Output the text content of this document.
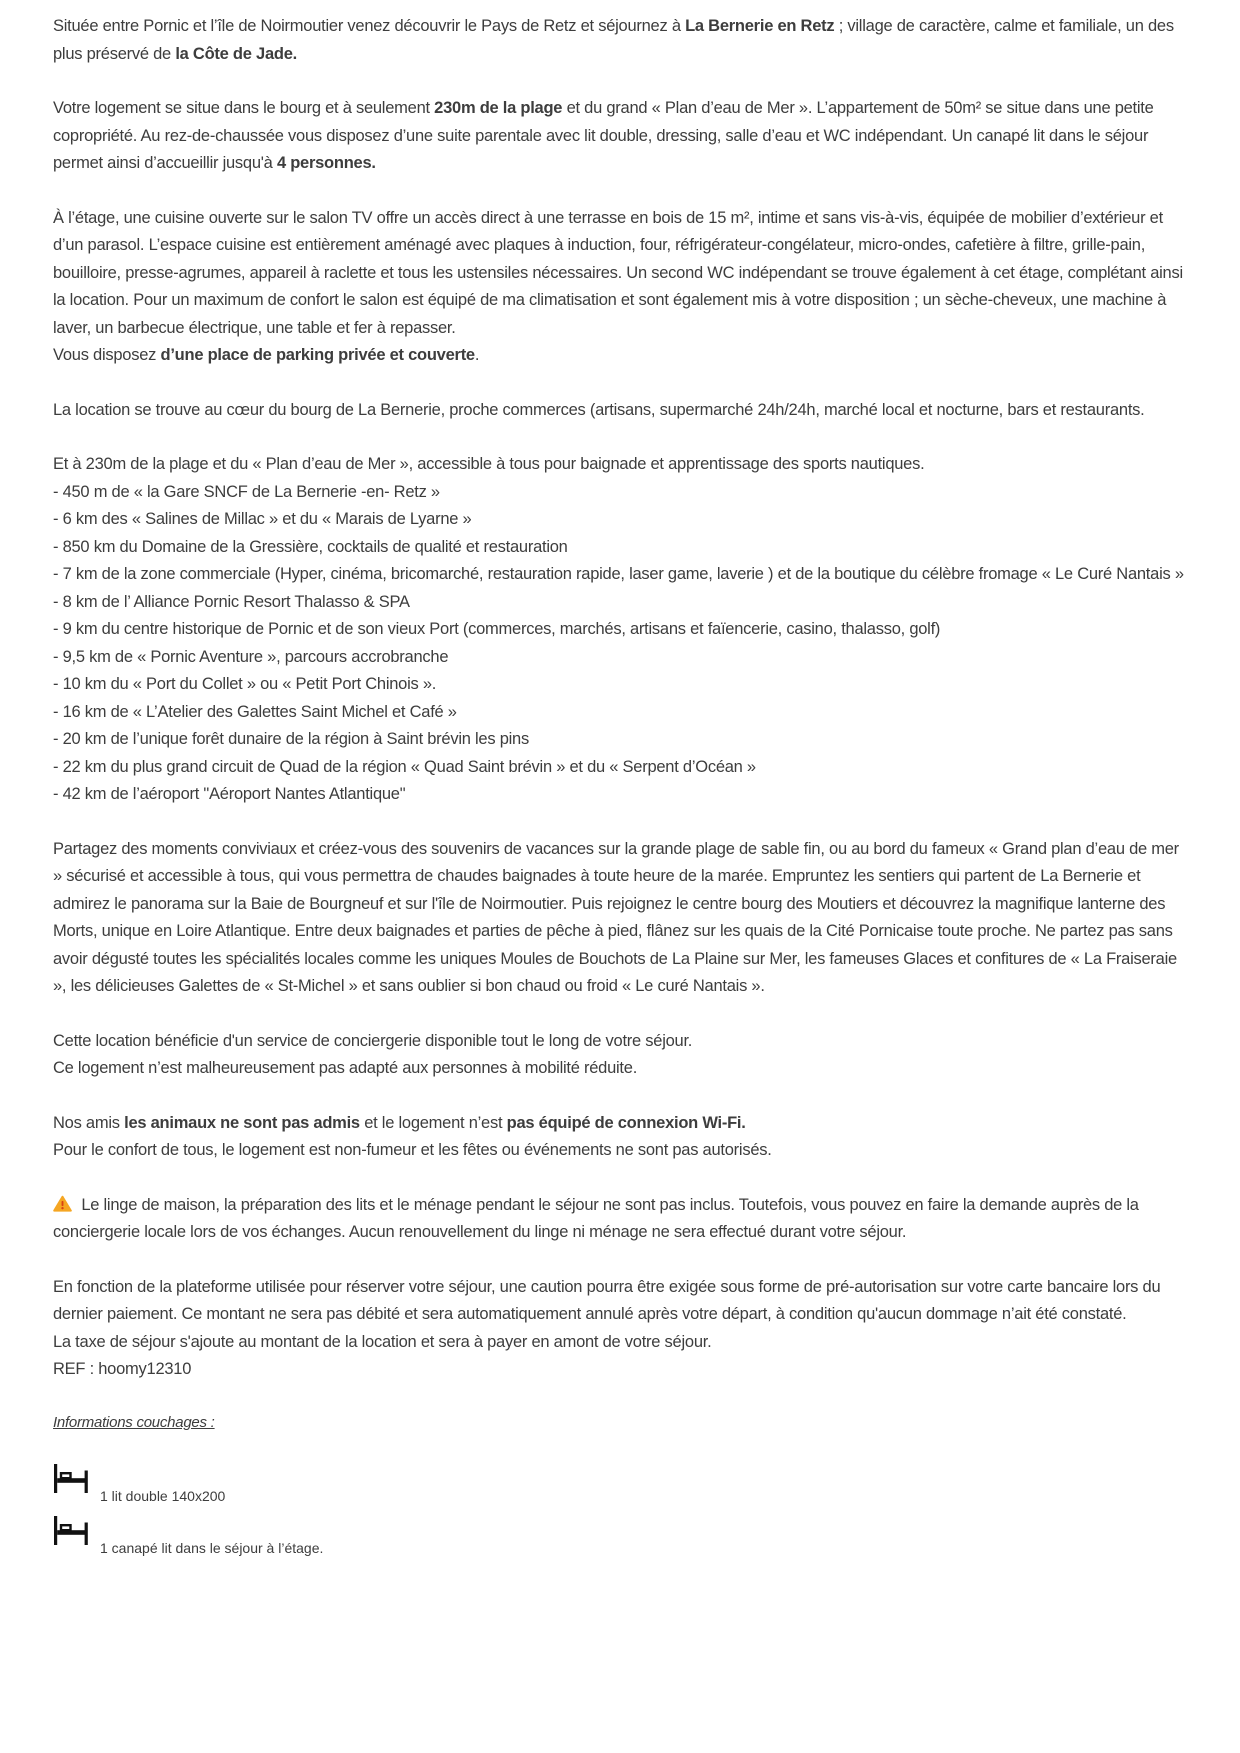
Située entre Pornic et l’île de Noirmoutier venez découvrir le Pays de Retz et séjournez à La Bernerie en Retz ; village de caractère, calme et familiale, un des plus préservé de la Côte de Jade.

Votre logement se situe dans le bourg et à seulement 230m de la plage et du grand « Plan d’eau de Mer ». L’appartement de 50m² se situe dans une petite copropriété. Au rez-de-chaussée vous disposez d’une suite parentale avec lit double, dressing, salle d’eau et WC indépendant. Un canapé lit dans le séjour permet ainsi d’accueillir jusqu'à 4 personnes.

À l’étage, une cuisine ouverte sur le salon TV offre un accès direct à une terrasse en bois de 15 m², intime et sans vis-à-vis, équipée de mobilier d’extérieur et d’un parasol. L’espace cuisine est entièrement aménagé avec plaques à induction, four, réfrigérateur-congélateur, micro-ondes, cafetière à filtre, grille-pain, bouilloire, presse-agrumes, appareil à raclette et tous les ustensiles nécessaires. Un second WC indépendant se trouve également à cet étage, complétant ainsi la location. Pour un maximum de confort le salon est équipé de ma climatisation et sont également mis à votre disposition ; un sèche-cheveux, une machine à laver, un barbecue électrique, une table et fer à repasser.
Vous disposez d’une place de parking privée et couverte.

La location se trouve au cœur du bourg de La Bernerie, proche commerces (artisans, supermarché 24h/24h, marché local et nocturne, bars et restaurants.

Et à 230m de la plage et du « Plan d’eau de Mer », accessible à tous pour baignade et apprentissage des sports nautiques.
- 450 m de « la Gare SNCF de La Bernerie -en- Retz »
- 6 km des « Salines de Millac » et du « Marais de Lyarne »
- 850 km du Domaine de la Gressière, cocktails de qualité et restauration
- 7 km de la zone commerciale (Hyper, cinéma, bricomarché, restauration rapide, laser game, laverie ) et de la boutique du célèbre fromage « Le Curé Nantais »
- 8 km de l’ Alliance Pornic Resort Thalasso & SPA
- 9 km du centre historique de Pornic et de son vieux Port (commerces, marchés, artisans et faïencerie, casino, thalasso, golf)
- 9,5 km de « Pornic Aventure », parcours accrobranche
- 10 km du « Port du Collet » ou « Petit Port Chinois ».
- 16 km de « L’Atelier des Galettes Saint Michel et Café »
- 20 km de l’unique forêt dunaire de la région à Saint brévin les pins
- 22 km du plus grand circuit de Quad de la région « Quad Saint brévin » et du « Serpent d’Océan »
- 42 km de l’aéroport "Aéroport Nantes Atlantique"

Partagez des moments conviviaux et créez-vous des souvenirs de vacances sur la grande plage de sable fin, ou au bord du fameux « Grand plan d’eau de mer » sécurisé et accessible à tous, qui vous permettra de chaudes baignades à toute heure de la marée. Empruntez les sentiers qui partent de La Bernerie et admirez le panorama sur la Baie de Bourgneuf et sur l'île de Noirmoutier. Puis rejoignez le centre bourg des Moutiers et découvrez la magnifique lanterne des Morts, unique en Loire Atlantique. Entre deux baignades et parties de pêche à pied, flânez sur les quais de la Cité Pornicaise toute proche. Ne partez pas sans avoir dégusté toutes les spécialités locales comme les uniques Moules de Bouchots de La Plaine sur Mer, les fameuses Glaces et confitures de « La Fraiseraie », les délicieuses Galettes de « St-Michel » et sans oublier si bon chaud ou froid « Le curé Nantais ».

Cette location bénéficie d'un service de conciergerie disponible tout le long de votre séjour.
Ce logement n’est malheureusement pas adapté aux personnes à mobilité réduite.

Nos amis les animaux ne sont pas admis et le logement n’est pas équipé de connexion Wi-Fi.
Pour le confort de tous, le logement est non-fumeur et les fêtes ou événements ne sont pas autorisés.

Le linge de maison, la préparation des lits et le ménage pendant le séjour ne sont pas inclus. Toutefois, vous pouvez en faire la demande auprès de la conciergerie locale lors de vos échanges. Aucun renouvellement du linge ni ménage ne sera effectué durant votre séjour.

En fonction de la plateforme utilisée pour réserver votre séjour, une caution pourra être exigée sous forme de pré-autorisation sur votre carte bancaire lors du dernier paiement. Ce montant ne sera pas débité et sera automatiquement annulé après votre départ, à condition qu'aucun dommage n’ait été constaté.
La taxe de séjour s'ajoute au montant de la location et sera à payer en amont de votre séjour.
REF : hoomy12310

Informations couchages :

1 lit double 140x200
1 canapé lit dans le séjour à l’étage.
